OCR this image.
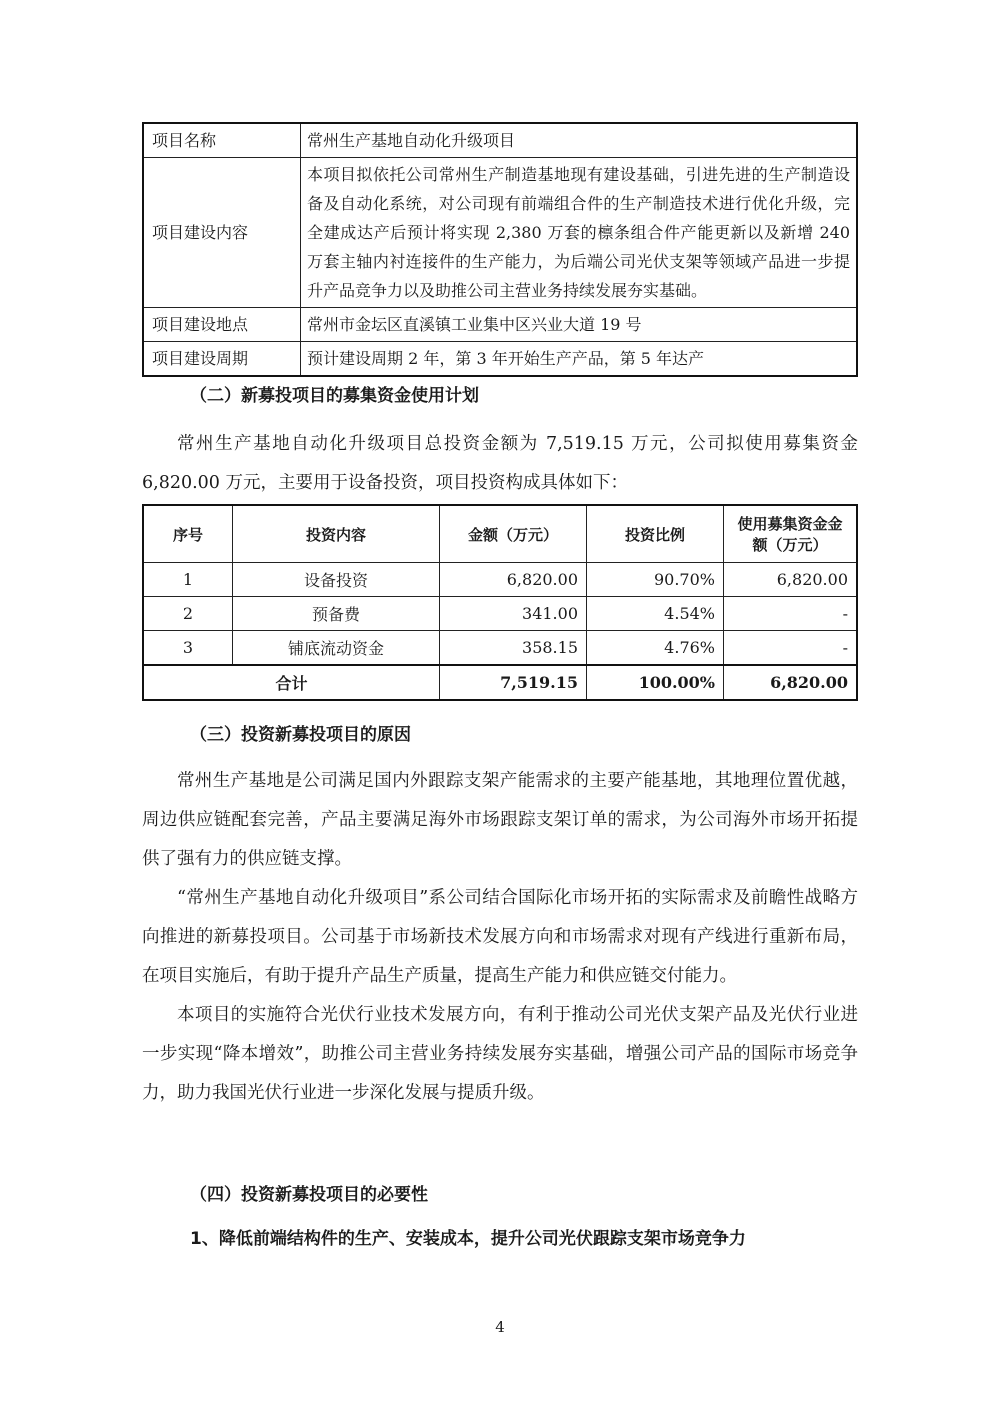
项目名称	常州生产基地自动化升级项目
项目建设内容	本项目拟依托公司常州生产制造基地现有建设基础，引进先进的生产制造设备及自动化系统，对公司现有前端组合件的生产制造技术进行优化升级，完全建成达产后预计将实现 2,380 万套的檩条组合件产能更新以及新增 240 万套主轴内衬连接件的生产能力，为后端公司光伏支架等领域产品进一步提升产品竞争力以及助推公司主营业务持续发展夯实基础。
项目建设地点	常州市金坛区直溪镇工业集中区兴业大道 19 号
项目建设周期	预计建设周期 2 年，第 3 年开始生产产品，第 5 年达产
（二）新募投项目的募集资金使用计划

常州生产基地自动化升级项目总投资金额为 7,519.15 万元，公司拟使用募集资金 6,820.00 万元，主要用于设备投资，项目投资构成具体如下：

序号	投资内容	金额（万元）	投资比例	使用募集资金金额（万元）
1	设备投资	6,820.00	90.70%	6,820.00
2	预备费	341.00	4.54%	-
3	铺底流动资金	358.15	4.76%	-
合计		7,519.15	100.00%	6,820.00
（三）投资新募投项目的原因

常州生产基地是公司满足国内外跟踪支架产能需求的主要产能基地，其地理位置优越，周边供应链配套完善，产品主要满足海外市场跟踪支架订单的需求，为公司海外市场开拓提供了强有力的供应链支撑。

“常州生产基地自动化升级项目”系公司结合国际化市场开拓的实际需求及前瞻性战略方向推进的新募投项目。公司基于市场新技术发展方向和市场需求对现有产线进行重新布局，在项目实施后，有助于提升产品生产质量，提高生产能力和供应链交付能力。

本项目的实施符合光伏行业技术发展方向，有利于推动公司光伏支架产品及光伏行业进一步实现“降本增效”，助推公司主营业务持续发展夯实基础，增强公司产品的国际市场竞争力，助力我国光伏行业进一步深化发展与提质升级。

（四）投资新募投项目的必要性
1、降低前端结构件的生产、安装成本，提升公司光伏跟踪支架市场竞争力
4
